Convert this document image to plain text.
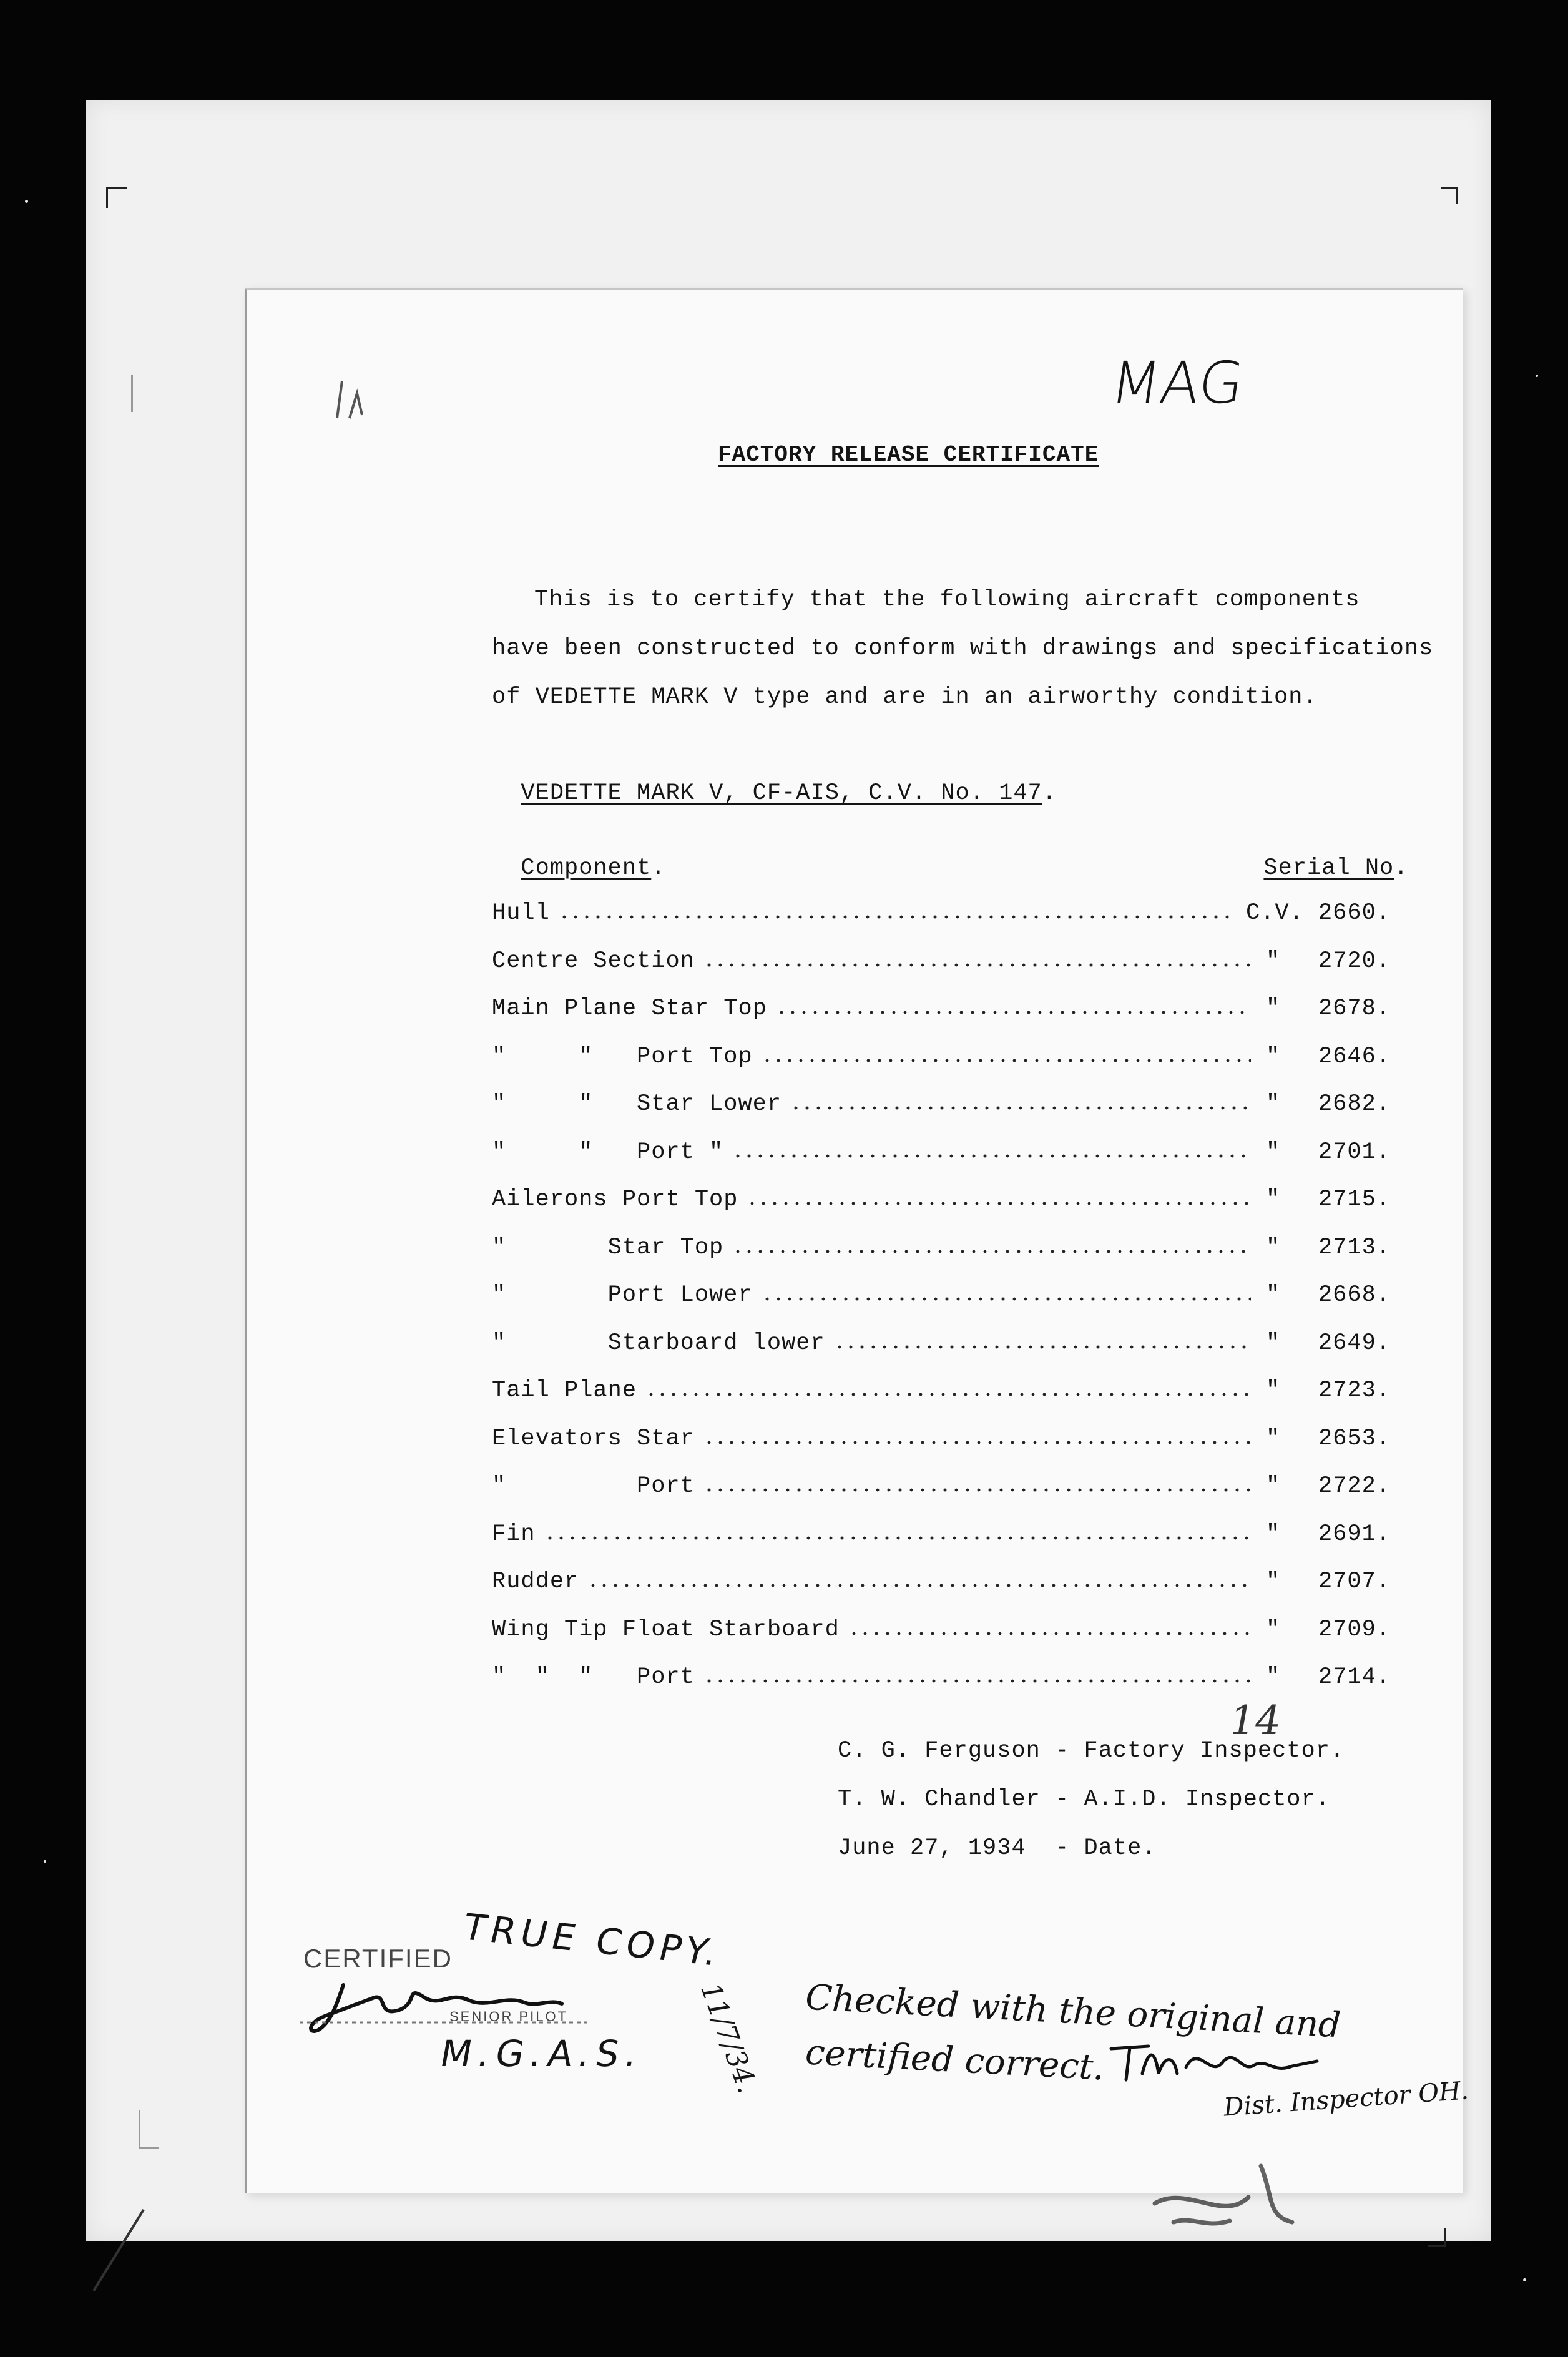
MAG
FACTORY RELEASE CERTIFICATE
This is to certify that the following aircraft components
have been constructed to conform with drawings and specifications
of VEDETTE MARK V type and are in an airworthy condition.

VEDETTE MARK V, CF-AIS, C.V. No. 147.

Component.	Serial No.

Hull	C.V. 2660.
Centre Section	" 2720.
Main Plane Star Top	" 2678.
"     "   Port Top	" 2646.
"     "   Star Lower	" 2682.
"     "   Port "	" 2701.
Ailerons Port Top	" 2715.
"       Star Top	" 2713.
"       Port Lower	" 2668.
"       Starboard lower	" 2649.
Tail Plane	" 2723.
Elevators Star	" 2653.
"         Port	" 2722.
Fin	" 2691.
Rudder	" 2707.
Wing Tip Float Starboard	" 2709.
"  "  "   Port	" 2714.
14
C. G. Ferguson - Factory Inspector.
T. W. Chandler - A.I.D. Inspector.
June 27, 1934  - Date.
CERTIFIED TRUE COPY.
SENIOR PILOT
M.G.A.S. 11/7/34. Checked with the original and
certified correct.
Dist. Inspector OH.
